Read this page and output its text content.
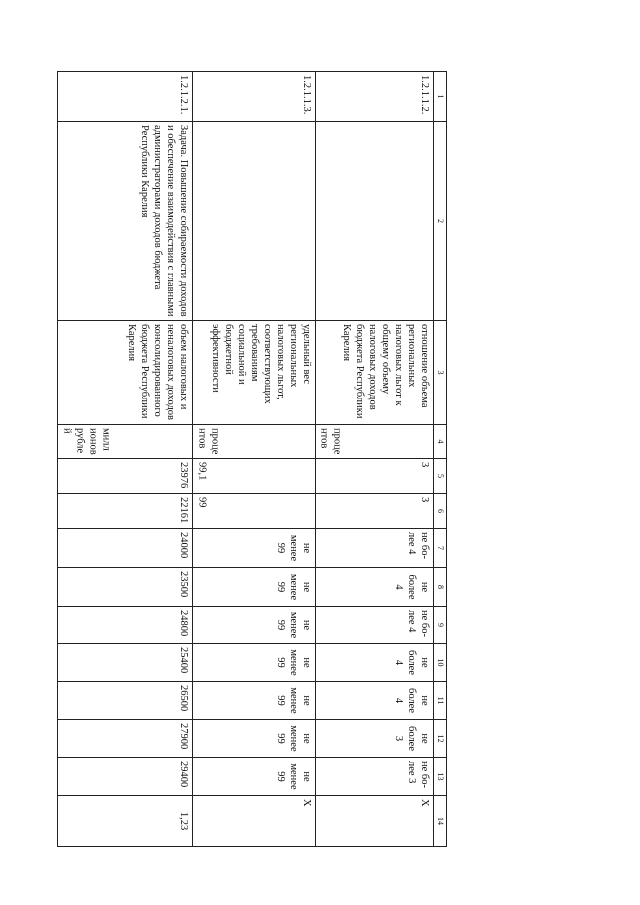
1	2	3	4	5	6	7	8	9	10	11	12	13	14
1.2.1.1.2.		отношение объема региональных налоговых льгот к общему объему налоговых доходов бюджета Республики Карелия	процентов	3	3	не бо-лее 4	не более 4	не бо-лее 4	не более 4	не более 4	не более 3	не бо-лее 3	X
1.2.1.1.3.		удельный вес региональных налоговых льгот, соответствующих требованиям социальной и бюджетной эффективности	процентов	99,1	99	не менее 99	не менее 99	не менее 99	не менее 99	не менее 99	не менее 99	не менее 99	X
1.2.1.2.1.	Задача. Повышение собираемости доходов и обеспечение взаимодействия с главными администраторами доходов бюджета Республики Карелия	объем налоговых и неналоговых доходов консолидированного бюджета Республики Карелия	миллионов рублей	23976	22161	24000	23500	24800	25400	26500	27900	29400	1,23
